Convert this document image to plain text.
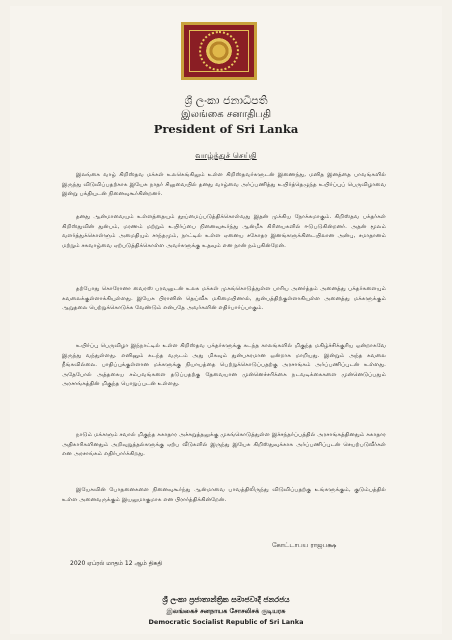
ශ්‍රී ලංකා ජනාධිපති
இலங்கை சனாதிபதி
President of Sri Lanka
வாழ்த்துச் செய்தி
இலங்கை வாழ் கிறிஸ்தவ மக்கள் உலகெங்கிலும் உள்ள கிறிஸ்தவர்களுடன் இணைந்து, மனித இனத்தை பாவங்களில் இருந்து விடுவிப்பதற்காக இயேசு நாதர் சிலுவையில் தனது வாழ்வை அர்ப்பணித்து உயிர்த்தெழுந்த உயிர்ப்புப் பெருவிழாவை இன்று பக்தியுடன் நினைவுகூர்கின்றனர்.
தனது ஆன்மாவையும் உள்ளத்தையும் தூய்மைப்படுத்திக்கொள்வது இதன் முக்கிய நோக்கமாகும். கிறிஸ்தவ பக்தர்கள் கிறிஸ்துவின் துன்பம், மரணம் மற்றும் உயிர்ப்பை நினைவுகூர்ந்து ஆன்மீக கிரியைகளில் ஈடுபடுகின்றனர். அதன் மூலம் வளர்த்துக்கொள்ளும் அமைதியும் சாந்தமும், நாட்டில் உள்ள ஏனைய சகோதர இனங்களுக்கிடையிலான அன்பு, சமாதானம் மற்றும் சகவாழ்வை ஏற்படுத்திக்கொள்ள அவர்களுக்கு உதவும் என நான் நம்புகின்றேன்.
தற்போது கொரோனா வைரஸ் பரவலுடன் உலக மக்கள் முகங்கொடுத்துள்ள பாரிய அனர்த்தம் அனைத்து பக்தர்களையும் கவலைக்குள்ளாக்கியுள்ளது. இயேசு பிரானின் தெய்வீக மகிமையினால், துன்பத்திற்குள்ளாகியுள்ள அனைத்து மக்களுக்கும் ஆறுதலை பெற்றுக்கொடுக்க வேண்டும் என்பதே அவர்களின் எதிர்பார்ப்பாகும்.
உயிர்ப்பு பெருவிழா இந்நாட்டில் உள்ள கிறிஸ்தவ பக்தர்களுக்கு கடந்த காலங்களில் மிகுந்த மகிழ்ச்சிக்குரிய ஒன்றாகவே இருந்து வந்துள்ளது. எனினும் கடந்த வருடம் அது மிகவும் துன்பகரமான ஒன்றாக மாறியது. இன்றும் அந்த கவலை நீங்கவில்லை. பாதிப்புக்குள்ளான மக்களுக்கு நியாயத்தை பெற்றுக்கொடுப்பதற்கு அரசாங்கம் அர்ப்பணிப்புடன் உள்ளது. அதேபோல் அத்தகைய சம்பவங்களை தடுப்பதற்கு தேவையான முன்னெச்சரிக்கை நடவடிக்கைகளை முன்னெடுப்பதும் அரசாங்கத்தின் மிகுந்த பொறுப்புடன் உள்ளது.
நாடும் மக்களும் சவால் மிகுந்த சுகாதார அச்சுறுத்தலுக்கு முகங்கொடுத்துள்ள இச்சந்தர்ப்பத்தில் அரசாங்கத்தினதும் சுகாதார அதிகாரிகளினதும் அறிவுறுத்தல்களுக்கு ஏற்ப வீடுகளில் இருந்து இயேசு கிறிஸ்துவுக்காக அர்ப்பணிப்புடன் செயற்படுவீர்கள் என அரசாங்கம் எதிர்பார்க்கிறது.
இயேசுவின் போதனைகளை நினைவுகூர்ந்து ஆன்மாவை பாவத்திலிருந்து விடுவிப்பதற்கு உங்களுக்கும், குடும்பத்தில் உள்ள அனைவருக்கும் இயலுமாகுமாக என பிரார்த்திக்கின்றேன்.
கோட்டாபய ராஜபக்ஷ
2020 ஏப்ரல் மாதம் 12 ஆம் திகதி
ශ්‍රී ලංකා ප්‍රජාතාන්ත්‍රික සමාජවාදී ජනරජය
இலங்கைச் சனநாயக சோசலிசக் குடியரசு
Democratic Socialist Republic of Sri Lanka
